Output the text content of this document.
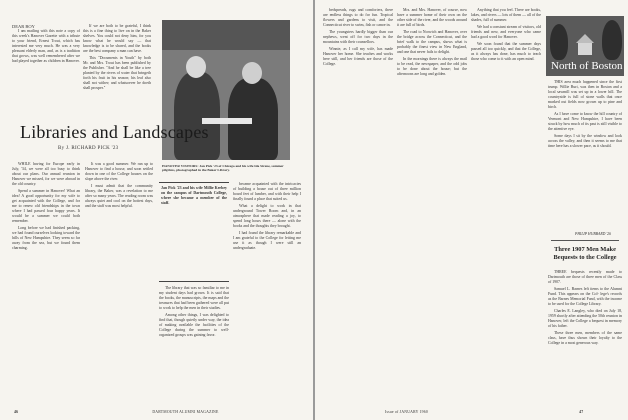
DEAR BOY

I am mailing with this note a copy of this week's Hanover Gazette with a tribute to your friend, Ernest Trout, which has interested me very much. He was a very pleasant elderly man, and, as is a tradition that grows, was well remembered after we had played together as children in Hanover.

If we are both to be grateful, I think this is a fine thing to live on in the Baker shelves. You could not deny him, for you know what he would say — that knowledge is to be shared, and the books are the best company a man can have.

This "Documents in Youth" by both Mr. and Mrs. Trout has been published by the Publisher. "And he shall be like a tree planted by the rivers of water that bringeth forth his fruit in his season; his leaf also shall not wither; and whatsoever he doeth shall prosper."

HANOVER VISITORS: Jan Pick '23 of Chicago and his wife Ida Sirene, summer pilgrims, photographed in the Baker Library.
Libraries and Landscapes
By J. RICHARD PICK '23

WHILE having for Europe early in July, '34, we were all too busy to think about our plans. Our annual reunion in Hanover we missed, for we were abroad in the old country.

Spend a summer in Hanover! What an idea! A good opportunity for my wife to get acquainted with the College, and for me to renew old friendships in the town where I had passed four happy years. It would be a summer we could both remember.

Long before we had finished packing, we had found ourselves looking toward the hills of New Hampshire. They seem so far away from the sea, but we found them charming.

It was a good summer. We ran up to Hanover to find a house, and soon settled down in one of the College houses on the slope above the river.

I must admit that the community library, the Baker, was a revelation to me after so many years. The reading room was always quiet and cool on the hottest days, and the staff was most helpful.

Jan Pick '23 and his wife Millie Kerbey on the campus of Dartmouth College, where she became a member of the staff.

The library that was so familiar to me in my student days had grown. It is said that the books, the manuscripts, the maps and the treasures that had been gathered were all put to work to help the men in their studies.

Among other things, I was delighted to find that, though quietly under way, the idea of making available the facilities of the College during the summer to well-organized groups was gaining favor.

became acquainted with the intricacies of building a house out of three million board feet of lumber, and with their help I finally found a place that suited us.

What a delight to work in that underground Tower Room and, in an atmosphere that made reading a joy, to spend long hours there — alone with the books and the thoughts they brought.

I had found the library remarkable and I am grateful to the College for letting me use it as though I were still an undergraduate.

46	DARTMOUTH ALUMNI MAGAZINE

bedspreads, rugs and comforters, there are endless things to do for fun. Tropical flowers and gardens to visit, and the Connecticut river to swim, fish or canoe in.

The youngsters hardly bigger than our nephews, went off for two days in the mountains with their counsellors.

Winnie, as I call my wife, has made Hanover her home. She teaches and works here still, and her friends are those of the College.

Mrs. and Mrs. Hanover, of course, now have a summer home of their own on the other side of the river, and the woods around it are full of birds.

The road to Norwich and Hanover, over the bridge across the Connecticut, and the brief walk to the campus, shows what is probably the finest view in New England, and one that never fails to delight.

In the mornings there is always the mail to be read, the newspaper, and the odd jobs to be done about the house; but the afternoons are long and golden.

Anything that you feel. There are books, lakes, and rivers — lots of them — all of the shades, full of summer.

We had a constant stream of visitors, old friends and new, and everyone who came had a good word for Hanover.

We soon found that the summer days passed all too quickly, and that the College, as it always has done, has much to teach those who come to it with an open mind.

North of Boston

THIS area much happened since the first trump. Willie Burt, was then in Boston and a local sawmill was set up in a lower hill. The countryside is full of stone walls that once marked out fields now grown up to pine and birch.

As I have come to know the hill country of Vermont and New Hampshire, I have been struck by how much of its past is still visible to the attentive eye.

Some days I sit by the window and look across the valley, and then it seems to me that time here has a slower pace, as it should.

PHILIP HUBBARD '26
Three 1907 Men Make Bequests to the College

THREE bequests recently made to Dartmouth are those of three men of the Class of 1907.

Samuel L. Barnes left items to the Alumni Fund. This appears on the Col- lege's records as the Barnes Memorial Fund, with the income to be used for the College Library.

Charles E. Langley, who died on July 18, 1959 shortly after attending the 50th reunion in Hanover, left the College a bequest in memory of his father.

These three men, members of the same class, have thus shown their loyalty to the College in a most generous way.

Issue of JANUARY 1960	47
